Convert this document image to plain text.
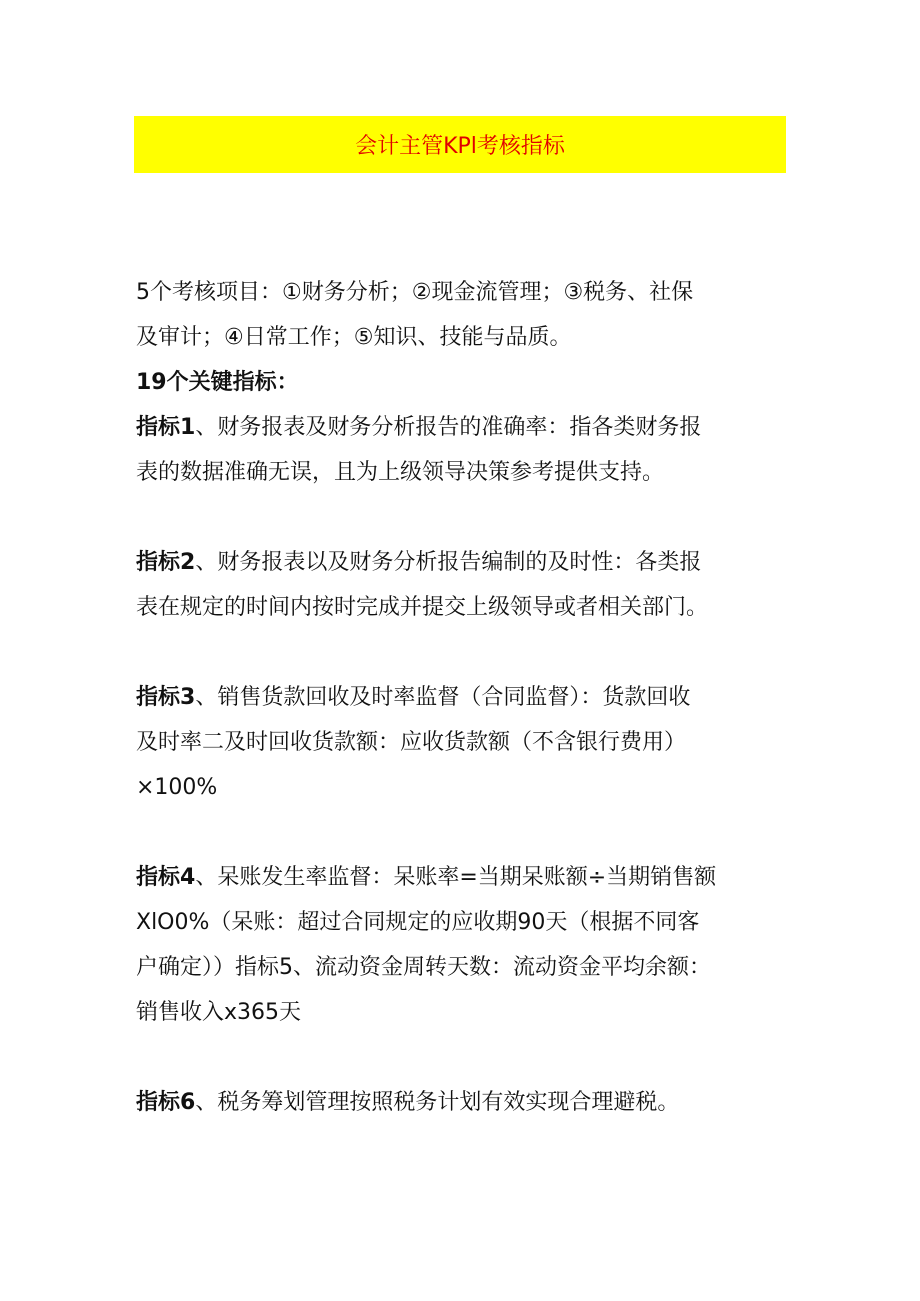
会计主管KPl考核指标
5个考核项目：①财务分析；②现金流管理；③税务、社保
及审计；④日常工作；⑤知识、技能与品质。
19个关键指标：
指标1、财务报表及财务分析报告的准确率：指各类财务报
表的数据准确无误，且为上级领导决策参考提供支持。
指标2、财务报表以及财务分析报告编制的及时性：各类报
表在规定的时间内按时完成并提交上级领导或者相关部门。
指标3、销售货款回收及时率监督（合同监督）：货款回收
及时率二及时回收货款额：应收货款额（不含银行费用）
×100%
指标4、呆账发生率监督：呆账率=当期呆账额÷当期销售额
XlO0%（呆账：超过合同规定的应收期90天（根据不同客
户确定））指标5、流动资金周转天数：流动资金平均余额：
销售收入x365天
指标6、税务筹划管理按照税务计划有效实现合理避税。
